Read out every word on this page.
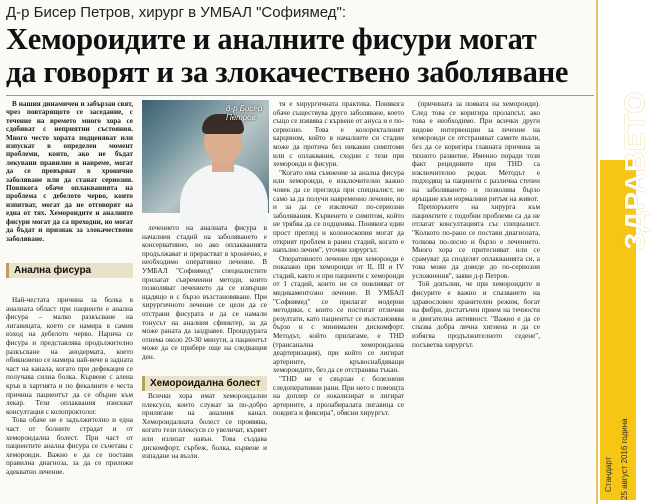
Д-р Бисер Петров, хирург в УМБАЛ "Софиямед":
Хемороидите и аналните фисури могат
да говорят и за злокачествено заболяване

В нашия динамичен и забързан свят, чрез повтарящото се заседание, с течение на времето много хора се сдобиват с неприятни състояния. Много често хората подценяват или изпускат в определен момент проблеми, които, ако не бъдат лекувани правилно и навреме, могат да се превърнат в хронично заболяване или да станат сериозни. Понякога обаче оплакванията на проблема с дебелото черво, които изпитват, могат да не отговорят на една от тях. Хемороидите и аналните фисури могат да са преходни, но могат да бъдат и признак за злокачествено заболяване.

Най-честата причина за болка в аналната област при пациенти е анална фисура – малко разкъсване на лигавицата, което се намира в самия изход на дебелото черво. Нарича се фисура и представлява продължително разкъсване на анодермата, което обикновено се намира най-вече в задната част на канала, когато при дефекация се получава силна болка. Кървене с алена кръв в хартията и по фекалиите е честа причина пациентът да се обърне към лекар. Тези оплаквания изискват консултация с колопроктолог.

Това обаче не е задължително и една част от болните страдат и от хемороидална болест. При част от пациентите анална фисура се съчетава с хемороиди. Важно е да се постави правилна диагноза, за да се приложи адекватно лечение.

Анална фисура
д-р Бисер Петров

лечението на аналната фисура в началния стадий на заболяването е консервативно, но ако оплакванията продължават и прерастват в хронично, е необходимо оперативно лечение. В УМБАЛ "Софиямед" специалистите прилагат съвременни методи, които позволяват лечението да се извърши щадящо и с бързо възстановяване. При хирургичното лечение се цели да се отстрани фисурата и да се намали тонусът на аналния сфинктер, за да може раната да заздравее. Процедурата отнема около 20-30 минути, а пациентът може да се прибере още на следващия ден.

Хемороидална болест

Всички хора имат хемороидални плексуси, които служат за по-добро прилягане на аналния канал. Хемороидалната болест се проявява, когато тези плексуси се увеличат, кървят или излизат навън. Това създава дискомфорт, сърбеж, болка, кървене и изпадане на възли.

тя е хирургичната практика. Понякога обаче съществува друго заболяване, което също се изявява с кървене от ануса и е по-сериозно. Това е колоректалният карцином, който в началните си стадии може да протича без никакви симптоми или с оплаквания, сходни с тези при хемороиди и фисури.

"Когато има съмнение за анална фисура или хемороиди, е изключително важно човек да се прегледа при специалист, не само за да получи навременно лечение, но и за да се изключат по-сериозни заболявания. Кървенето е симптом, който не трябва да се подценява. Понякога един прост преглед и колоноскопия могат да открият проблем в ранен стадий, когато е напълно лечим", уточни хирургът.

Оперативното лечение при хемороиди е показано при хемороиди от II, III и IV стадий, както и при пациенти с хемороиди от I стадий, които не се повлияват от медикаментозно лечение. В УМБАЛ "Софиямед" се прилагат модерни методики, с които се постигат отлични резултати, като пациентът се възстановява бързо и с минимален дискомфорт. Методът, който прилагаме, е THD (трансанална хемороидална деартеризация), при който се лигират артериите, кръвоснабдяващи хемороидите, без да се отстранява тъкан.

"THD не е свързан с болезнени следоперативни рани. При него с помощта на доплер се локализират и лигират артериите, а пролабиралата лигавица се повдига и фиксира", обясни хирургът.

(причината за появата на хемороиди). След това се коригира пролапсът, ако това е необходимо. При всички други видове интервенции за лечение на хемороиди се отстраняват самите възли, без да се коригира главната причина за тяхното развитие. Именно поради този факт рецидивите при THD са изключително редки. Методът е подходящ за пациенти с различна степен на заболяването и позволява бързо връщане към нормалния ритъм на живот.

Препоръките на хирурга към пациентите с подобни проблеми са да не отлагат консултацията със специалист. "Колкото по-рано се постави диагнозата, толкова по-лесно и бързо е лечението. Много хора се притесняват или се срамуват да споделят оплакванията си, а това може да доведе до по-сериозни усложнения", заяви д-р Петров.

Той допълни, че при хемороидите и фисурите е важно и спазването на здравословен хранителен режим, богат на фибри, достатъчен прием на течности и двигателна активност. "Важно е да се спазва добра лична хигиена и да се избягва продължителното седене", посъветва хирургът.

ЗДРАВЕТО
Стандарт 25 август 2016 година
